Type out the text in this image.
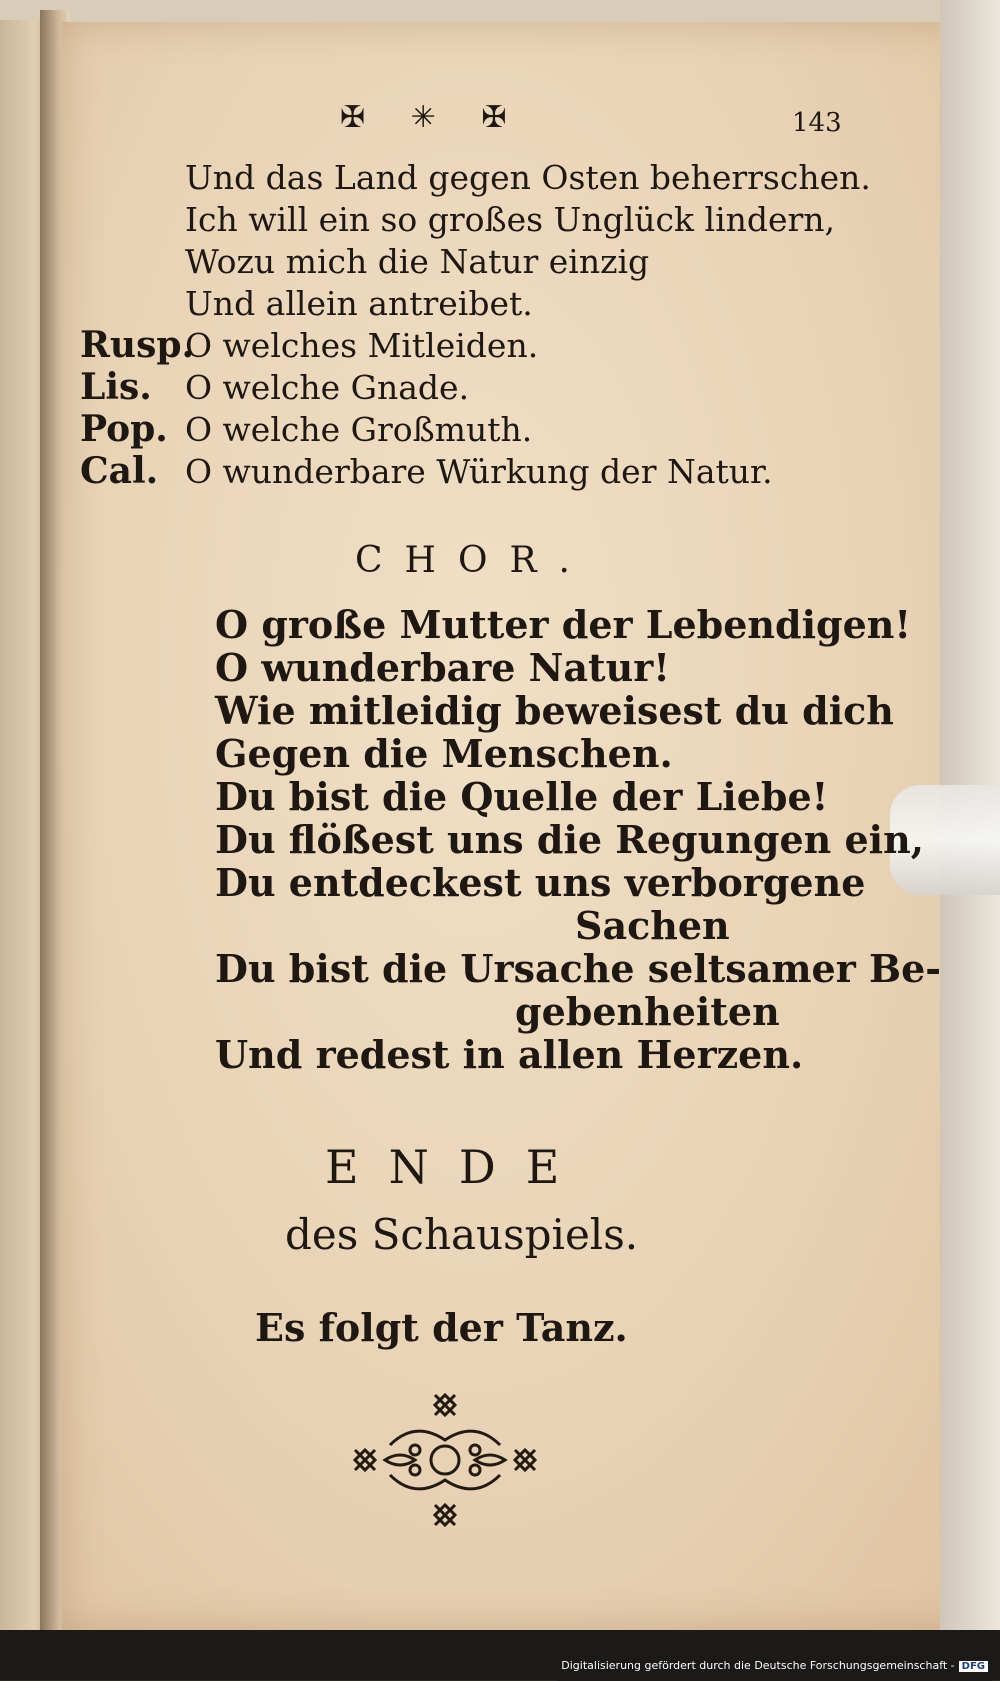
✠ ✳ ✠	143
Und das Land gegen Osten beherrschen.
Ich will ein so großes Unglück lindern,
Wozu mich die Natur einzig
Und allein antreibet.
Rusp.
O welches Mitleiden.
Lis. O welche Gnade.
Pop. O welche Großmuth.
Cal. O wunderbare Würkung der Natur.
CHOR.
O große Mutter der Lebendigen!
O wunderbare Natur!
Wie mitleidig beweisest du dich
Gegen die Menschen.
Du bist die Quelle der Liebe!
Du flößest uns die Regungen ein,
Du entdeckest uns verborgene
Sachen
Du bist die Ursache seltsamer Be-
gebenheiten
Und redest in allen Herzen.
ENDE
des Schauspiels.
Es folgt der Tanz.
Digitalisierung gefördert durch die Deutsche Forschungsgemeinschaft - DFG
